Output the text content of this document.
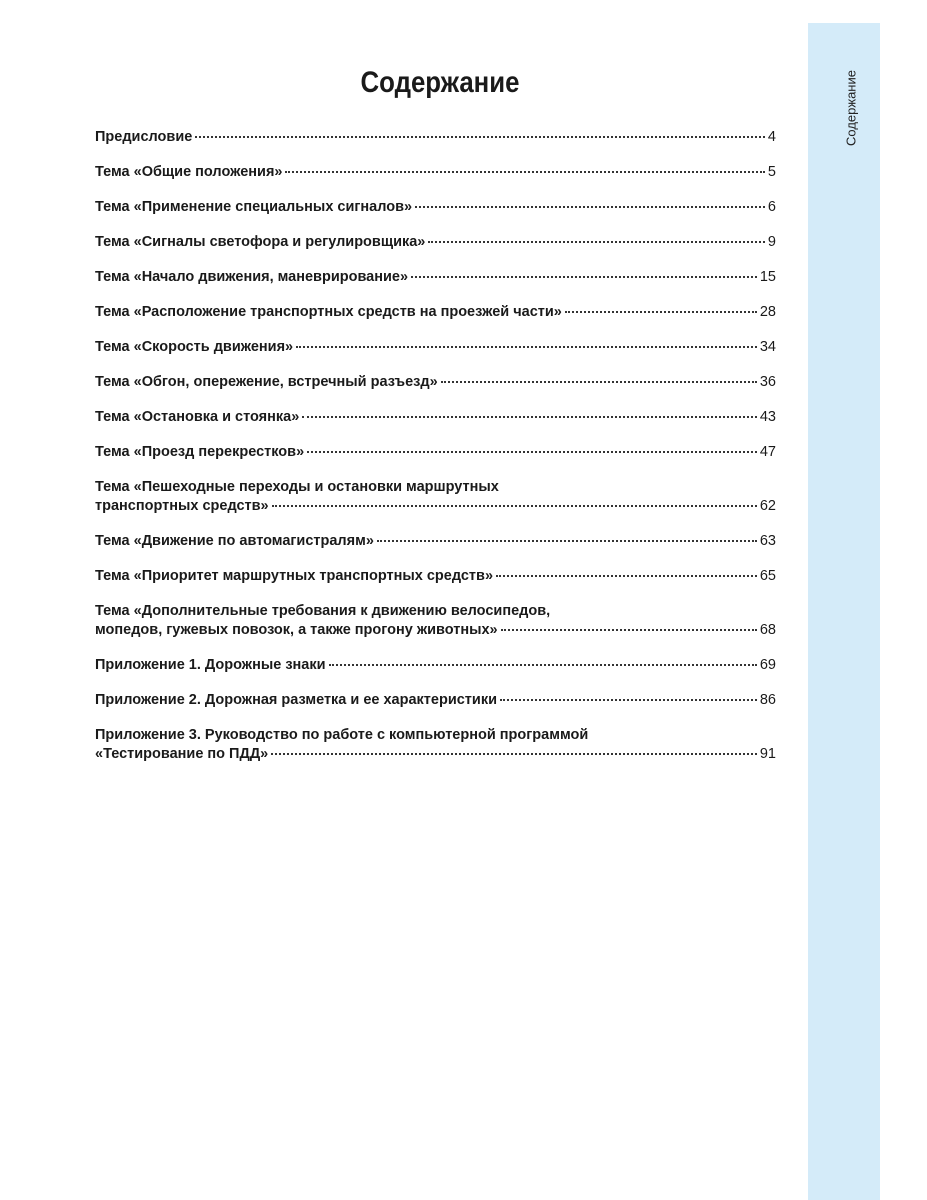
Содержание
Содержание
Предисловие	4
Тема «Общие положения»	5
Тема «Применение специальных сигналов»	6
Тема «Сигналы светофора и регулировщика»	9
Тема «Начало движения, маневрирование»	15
Тема «Расположение транспортных средств на проезжей части»	28
Тема «Скорость движения»	34
Тема «Обгон, опережение, встречный разъезд»	36
Тема «Остановка и стоянка»	43
Тема «Проезд перекрестков»	47
Тема «Пешеходные переходы и остановки маршрутных
транспортных средств»	62
Тема «Движение по автомагистралям»	63
Тема «Приоритет маршрутных транспортных средств»	65
Тема «Дополнительные требования к движению велосипедов,
мопедов, гужевых повозок, а также прогону животных»	68
Приложение 1. Дорожные знаки	69
Приложение 2. Дорожная разметка и ее характеристики	86
Приложение 3. Руководство по работе с компьютерной программой
«Тестирование по ПДД»	91
